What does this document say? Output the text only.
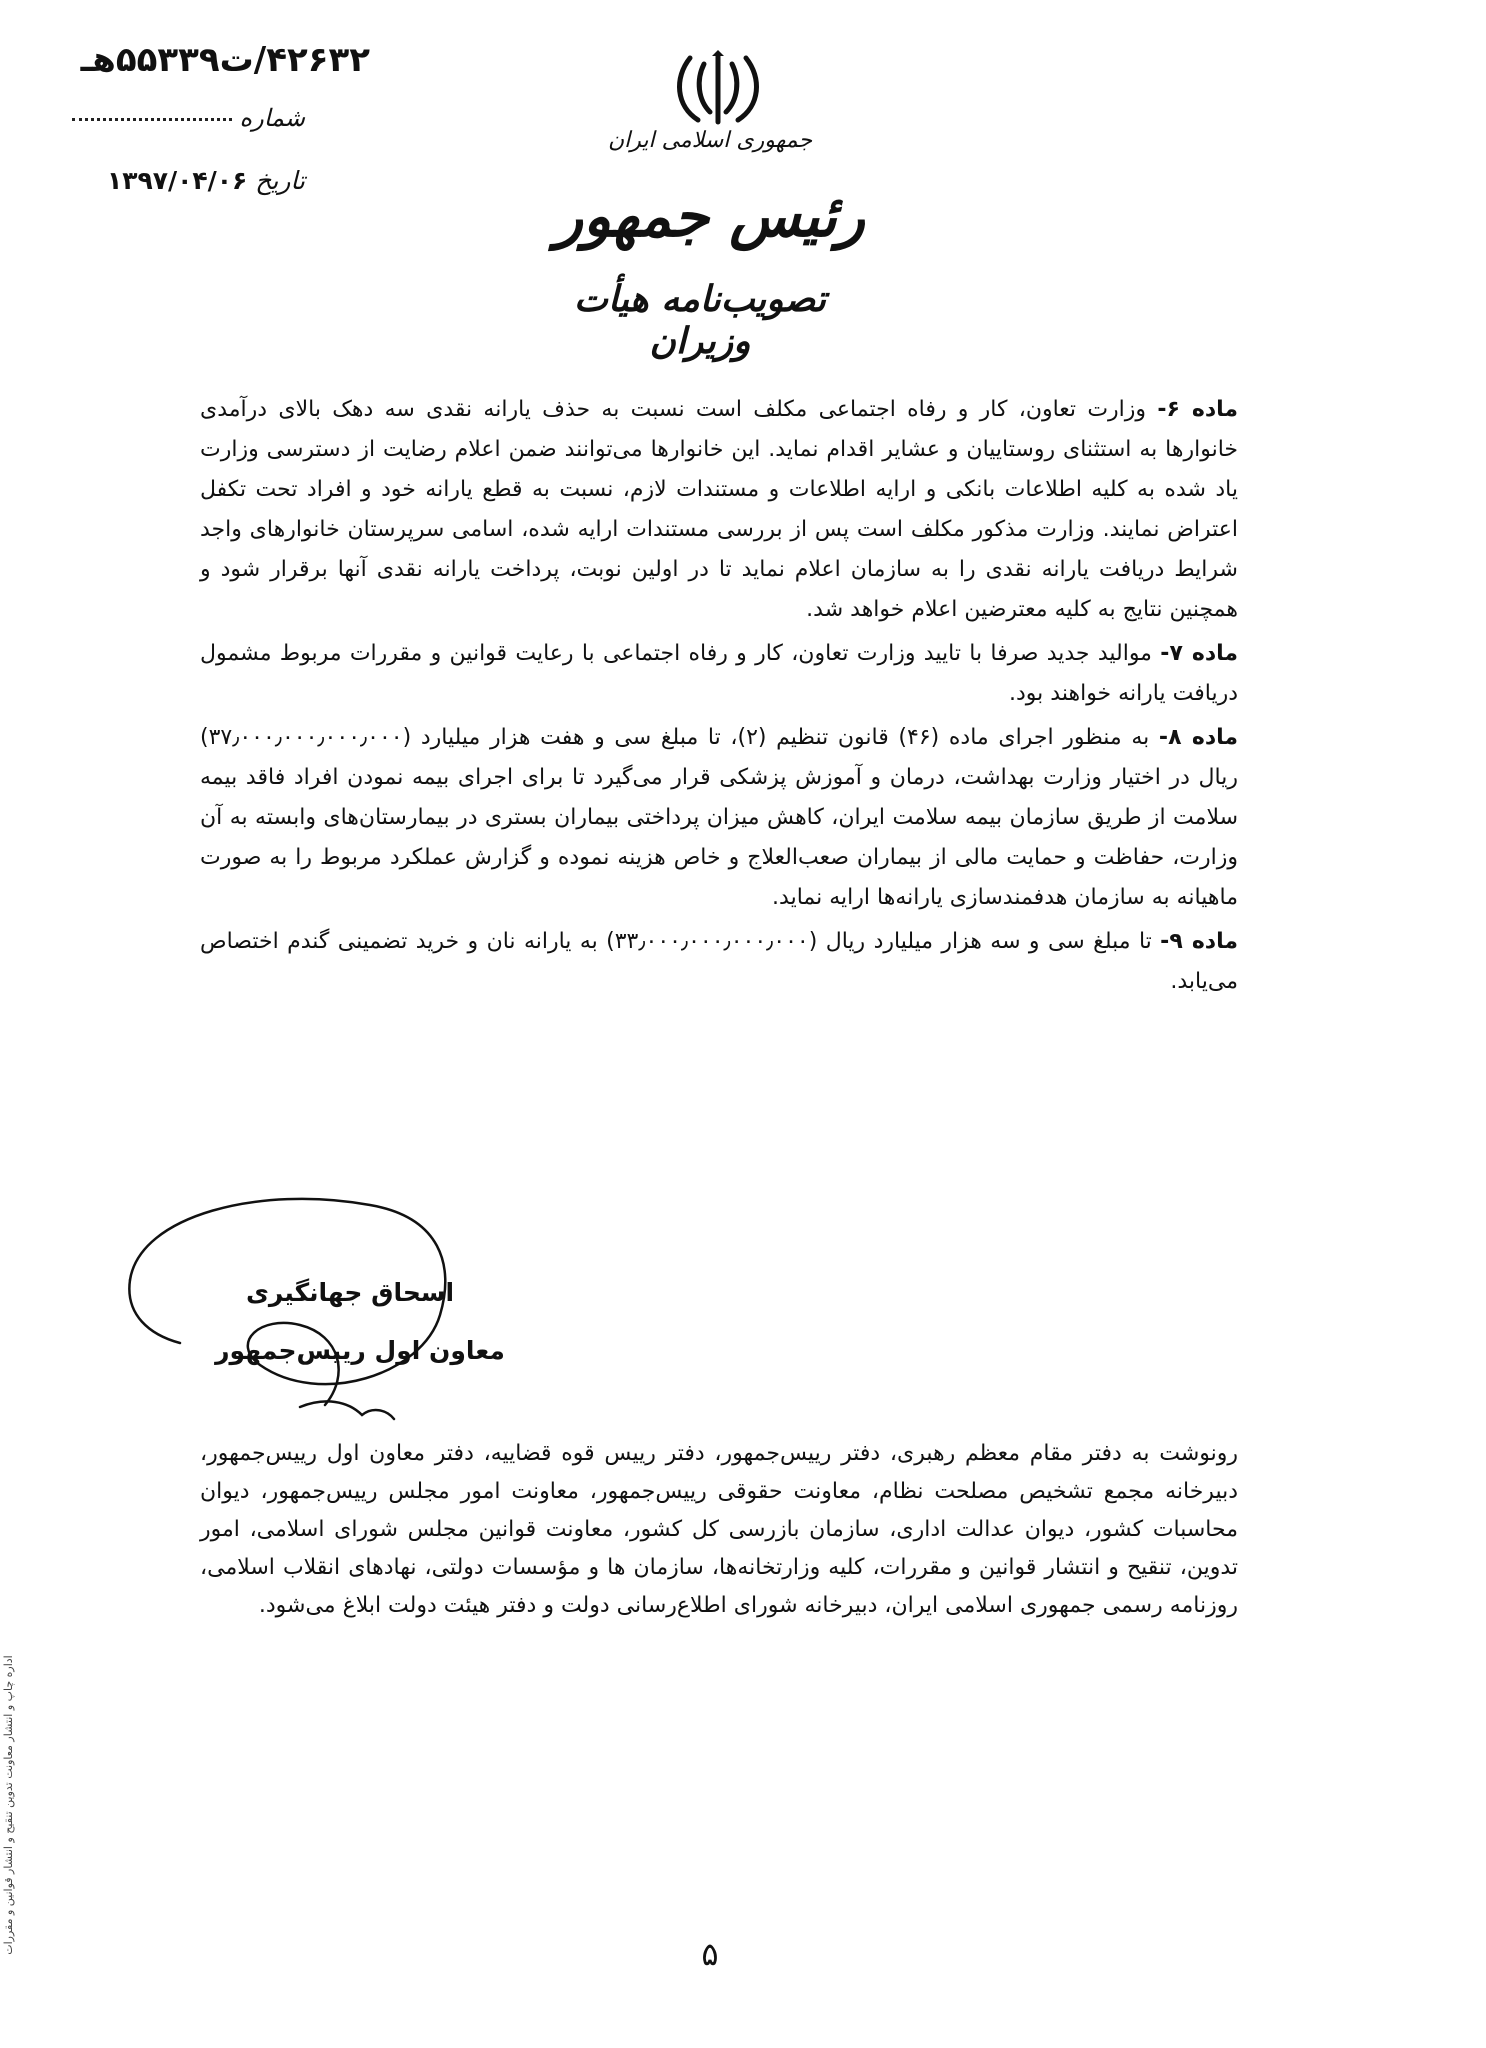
۴۲۶۳۲/ت۵۵۳۳۹هـ
شماره
تاریخ ۱۳۹۷/۰۴/۰۶
جمهوری اسلامی ایران
رئیس جمهور
تصویب‌نامه هیأت وزیران

ماده ۶- وزارت تعاون، کار و رفاه اجتماعی مکلف است نسبت به حذف یارانه نقدی سه دهک بالای درآمدی خانوارها به استثنای روستاییان و عشایر اقدام نماید. این خانوارها می‌توانند ضمن اعلام رضایت از دسترسی وزارت یاد شده به کلیه اطلاعات بانکی و ارایه اطلاعات و مستندات لازم، نسبت به قطع یارانه خود و افراد تحت تکفل اعتراض نمایند. وزارت مذکور مکلف است پس از بررسی مستندات ارایه شده، اسامی سرپرستان خانوارهای واجد شرایط دریافت یارانه نقدی را به سازمان اعلام نماید تا در اولین نوبت، پرداخت یارانه نقدی آنها برقرار شود و همچنین نتایج به کلیه معترضین اعلام خواهد شد.

ماده ۷- موالید جدید صرفا با تایید وزارت تعاون، کار و رفاه اجتماعی با رعایت قوانین و مقررات مربوط مشمول دریافت یارانه خواهند بود.

ماده ۸- به منظور اجرای ماده (۴۶) قانون تنظیم (۲)، تا مبلغ سی و هفت هزار میلیارد (۳۷٫۰۰۰٫۰۰۰٫۰۰۰٫۰۰۰) ریال در اختیار وزارت بهداشت، درمان و آموزش پزشکی قرار می‌گیرد تا برای اجرای بیمه نمودن افراد فاقد بیمه سلامت از طریق سازمان بیمه سلامت ایران، کاهش میزان پرداختی بیماران بستری در بیمارستان‌های وابسته به آن وزارت، حفاظت و حمایت مالی از بیماران صعب‌العلاج و خاص هزینه نموده و گزارش عملکرد مربوط را به صورت ماهیانه به سازمان هدفمندسازی یارانه‌ها ارایه نماید.

ماده ۹- تا مبلغ سی و سه هزار میلیارد ریال (۳۳٫۰۰۰٫۰۰۰٫۰۰۰٫۰۰۰) به یارانه نان و خرید تضمینی گندم اختصاص می‌یابد.

اسحاق جهانگیری
معاون اول رییس‌جمهور
رونوشت به دفتر مقام معظم رهبری، دفتر رییس‌جمهور، دفتر رییس قوه قضاییه، دفتر معاون اول رییس‌جمهور، دبیرخانه مجمع تشخیص مصلحت نظام، معاونت حقوقی رییس‌جمهور، معاونت امور مجلس رییس‌جمهور، دیوان محاسبات کشور، دیوان عدالت اداری، سازمان بازرسی کل کشور، معاونت قوانین مجلس شورای اسلامی، امور تدوین، تنقیح و انتشار قوانین و مقررات، کلیه وزارتخانه‌ها، سازمان ها و مؤسسات دولتی، نهادهای انقلاب اسلامی، روزنامه رسمی جمهوری اسلامی ایران، دبیرخانه شورای اطلاع‌رسانی دولت و دفتر هیئت دولت ابلاغ می‌شود.
اداره چاپ و انتشار معاونت تدوین تنقیح و انتشار قوانین و مقررات	۵
